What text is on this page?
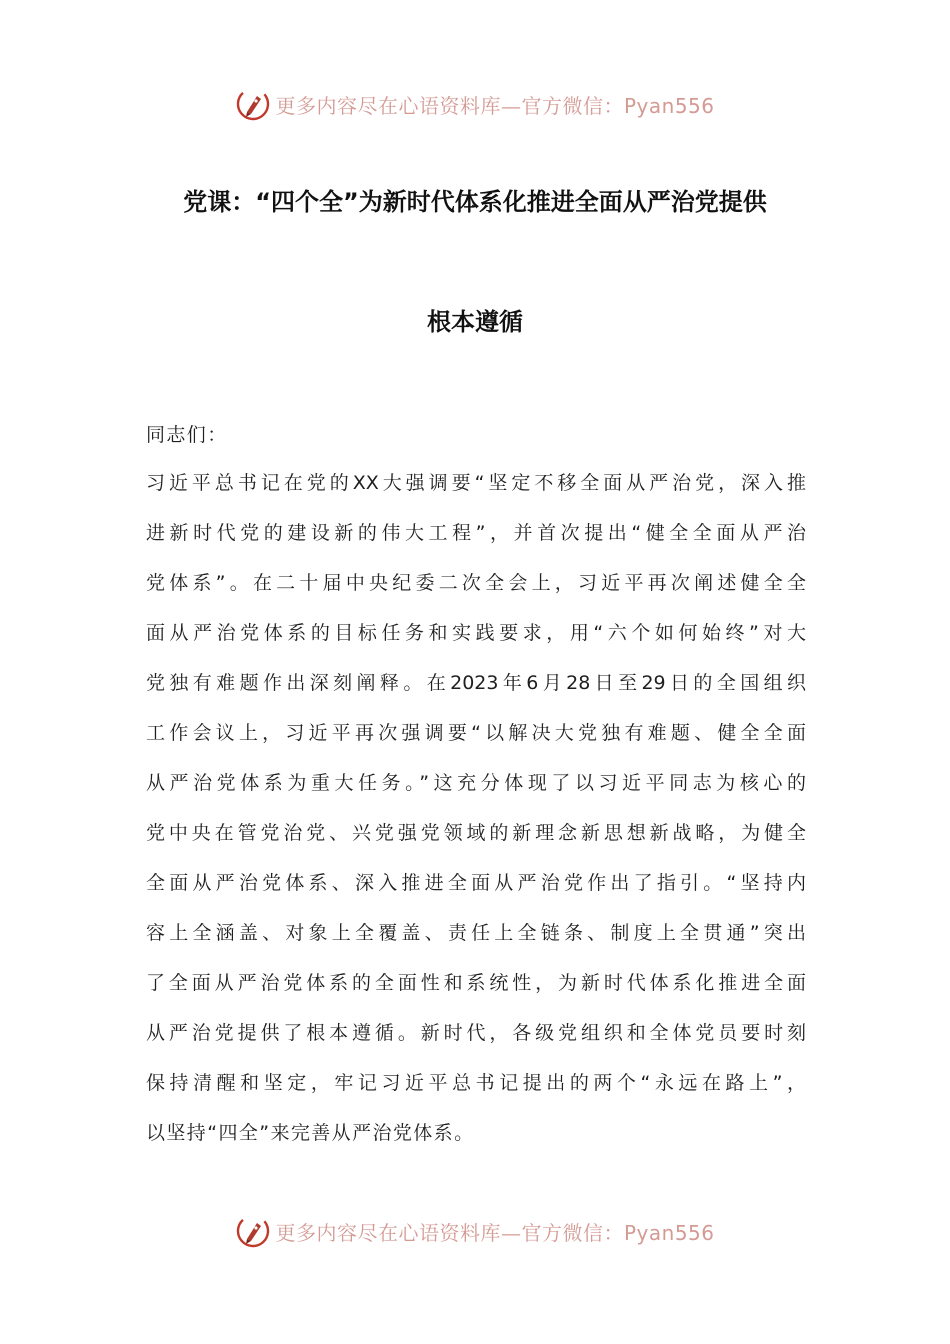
更多内容尽在心语资料库—官方微信：Pyan556
党课：“四个全”为新时代体系化推进全面从严治党提供
根本遵循
同志们：
习近平总书记在党的XX大强调要“坚定不移全面从严治党，深入推
进新时代党的建设新的伟大工程”，并首次提出“健全全面从严治
党体系”。在二十届中央纪委二次全会上，习近平再次阐述健全全
面从严治党体系的目标任务和实践要求，用“六个如何始终”对大
党独有难题作出深刻阐释。在2023年6月28日至29日的全国组织
工作会议上，习近平再次强调要“以解决大党独有难题、健全全面
从严治党体系为重大任务。”这充分体现了以习近平同志为核心的
党中央在管党治党、兴党强党领域的新理念新思想新战略，为健全
全面从严治党体系、深入推进全面从严治党作出了指引。“坚持内
容上全涵盖、对象上全覆盖、责任上全链条、制度上全贯通”突出
了全面从严治党体系的全面性和系统性，为新时代体系化推进全面
从严治党提供了根本遵循。新时代，各级党组织和全体党员要时刻
保持清醒和坚定，牢记习近平总书记提出的两个“永远在路上”，
以坚持“四全”来完善从严治党体系。
更多内容尽在心语资料库—官方微信：Pyan556
